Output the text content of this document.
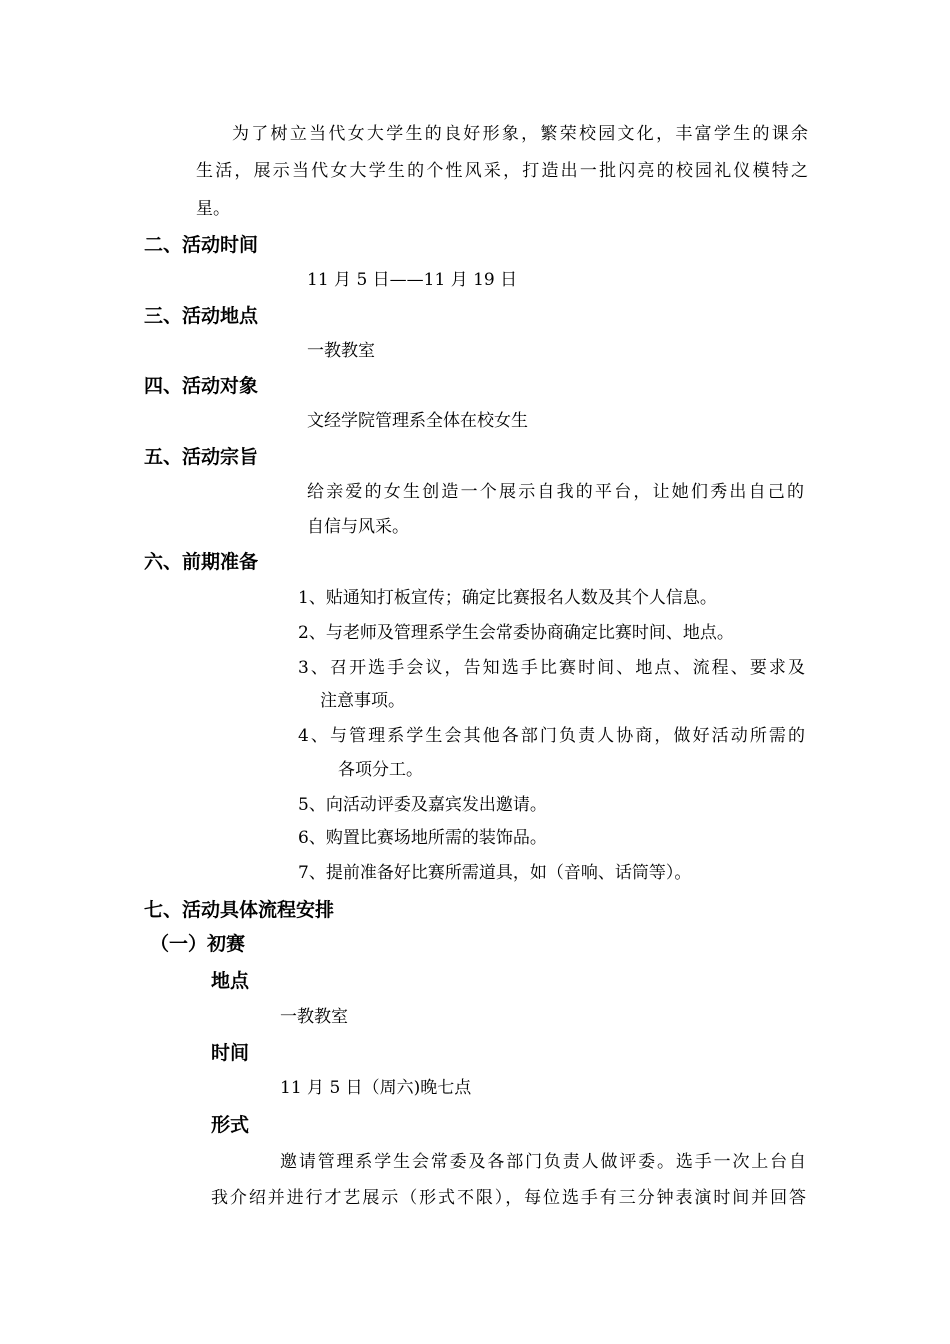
为了树立当代女大学生的良好形象，繁荣校园文化，丰富学生的课余

生活，展示当代女大学生的个性风采，打造出一批闪亮的校园礼仪模特之

星。

二、活动时间

11 月 5 日——11 月 19 日

三、活动地点

一教教室

四、活动对象

文经学院管理系全体在校女生

五、活动宗旨

给亲爱的女生创造一个展示自我的平台，让她们秀出自己的

自信与风采。

六、前期准备

1、贴通知打板宣传；确定比赛报名人数及其个人信息。

2、与老师及管理系学生会常委协商确定比赛时间、地点。

3、召开选手会议，告知选手比赛时间、地点、流程、要求及

注意事项。

4、与管理系学生会其他各部门负责人协商，做好活动所需的

各项分工。

5、向活动评委及嘉宾发出邀请。

6、购置比赛场地所需的装饰品。

7、提前准备好比赛所需道具，如（音响、话筒等）。

七、活动具体流程安排
（一）初赛
地点

一教教室

时间

11 月 5 日（周六)晚七点

形式

邀请管理系学生会常委及各部门负责人做评委。选手一次上台自

我介绍并进行才艺展示（形式不限），每位选手有三分钟表演时间并回答
